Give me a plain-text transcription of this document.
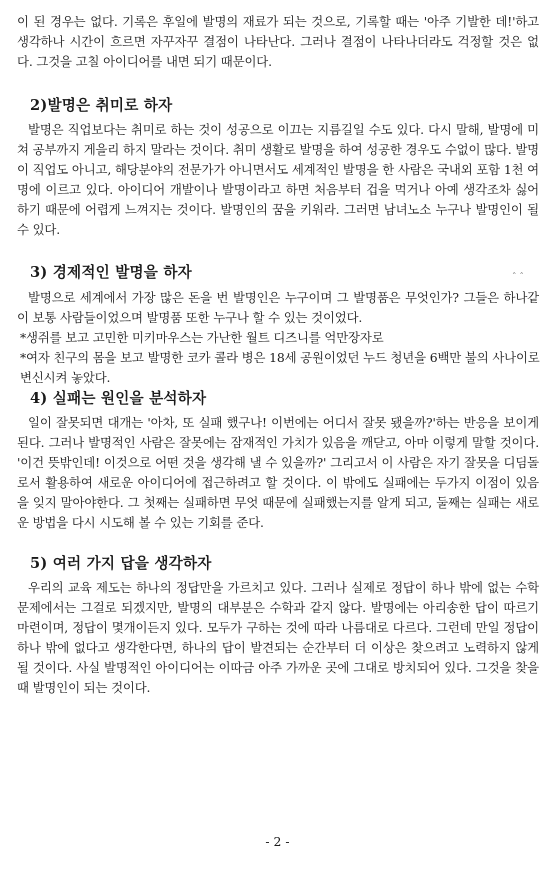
이 된 경우는 없다. 기록은 후일에 발명의 재료가 되는 것으로, 기록할 때는 '아주 기발한 데!'하고 생각하나 시간이 흐르면 자꾸자꾸 결점이 나타난다. 그러나 결점이 나타나더라도 걱정할 것은 없다. 그것을 고칠 아이디어를 내면 되기 때문이다.

2)발명은 취미로 하자

발명은 직업보다는 취미로 하는 것이 성공으로 이끄는 지름길일 수도 있다. 다시 말해, 발명에 미쳐 공부까지 게을리 하지 말라는 것이다. 취미 생활로 발명을 하여 성공한 경우도 수없이 많다. 발명이 직업도 아니고, 해당분야의 전문가가 아니면서도 세계적인 발명을 한 사람은 국내외 포함 1천 여명에 이르고 있다. 아이디어 개발이나 발명이라고 하면 처음부터 겁을 먹거나 아예 생각조차 싫어하기 때문에 어렵게 느껴지는 것이다. 발명인의 꿈을 키워라. 그러면 남녀노소 누구나 발명인이 될 수 있다.

3) 경제적인 발명을 하자	ˆ ˆ

발명으로 세계에서 가장 많은 돈을 번 발명인은 누구이며 그 발명품은 무엇인가? 그들은 하나같이 보통 사람들이었으며 발명품 또한 누구나 할 수 있는 것이었다.

*생쥐를 보고 고민한 미키마우스는 가난한 월트 디즈니를 억만장자로

*여자 친구의 몸을 보고 발명한 코카 콜라 병은 18세 공원이었던 누드 청년을 6백만 불의 사나이로 변신시켜 놓았다.

4) 실패는 원인을 분석하자

일이 잘못되면 대개는 '아차, 또 실패 했구나! 이번에는 어디서 잘못 됐을까?'하는 반응을 보이게 된다. 그러나 발명적인 사람은 잘못에는 잠재적인 가치가 있음을 깨닫고, 아마 이렇게 말할 것이다. '이건 뜻밖인데! 이것으로 어떤 것을 생각해 낼 수 있을까?' 그리고서 이 사람은 자기 잘못을 디딤돌로서 활용하여 새로운 아이디어에 접근하려고 할 것이다. 이 밖에도 실패에는 두가지 이점이 있음을 잊지 말아야한다. 그 첫째는 실패하면 무엇 때문에 실패했는지를 알게 되고, 둘째는 실패는 새로운 방법을 다시 시도해 볼 수 있는 기회를 준다.

5) 여러 가지 답을 생각하자

우리의 교육 제도는 하나의 정답만을 가르치고 있다. 그러나 실제로 정답이 하나 밖에 없는 수학 문제에서는 그걸로 되겠지만, 발명의 대부분은 수학과 같지 않다. 발명에는 아리송한 답이 따르기 마련이며, 정답이 몇개이든지 있다. 모두가 구하는 것에 따라 나름대로 다르다. 그런데 만일 정답이 하나 밖에 없다고 생각한다면, 하나의 답이 발견되는 순간부터 더 이상은 찾으려고 노력하지 않게 될 것이다. 사실 발명적인 아이디어는 이따금 아주 가까운 곳에 그대로 방치되어 있다. 그것을 찾을 때 발명인이 되는 것이다.

- 2 -
